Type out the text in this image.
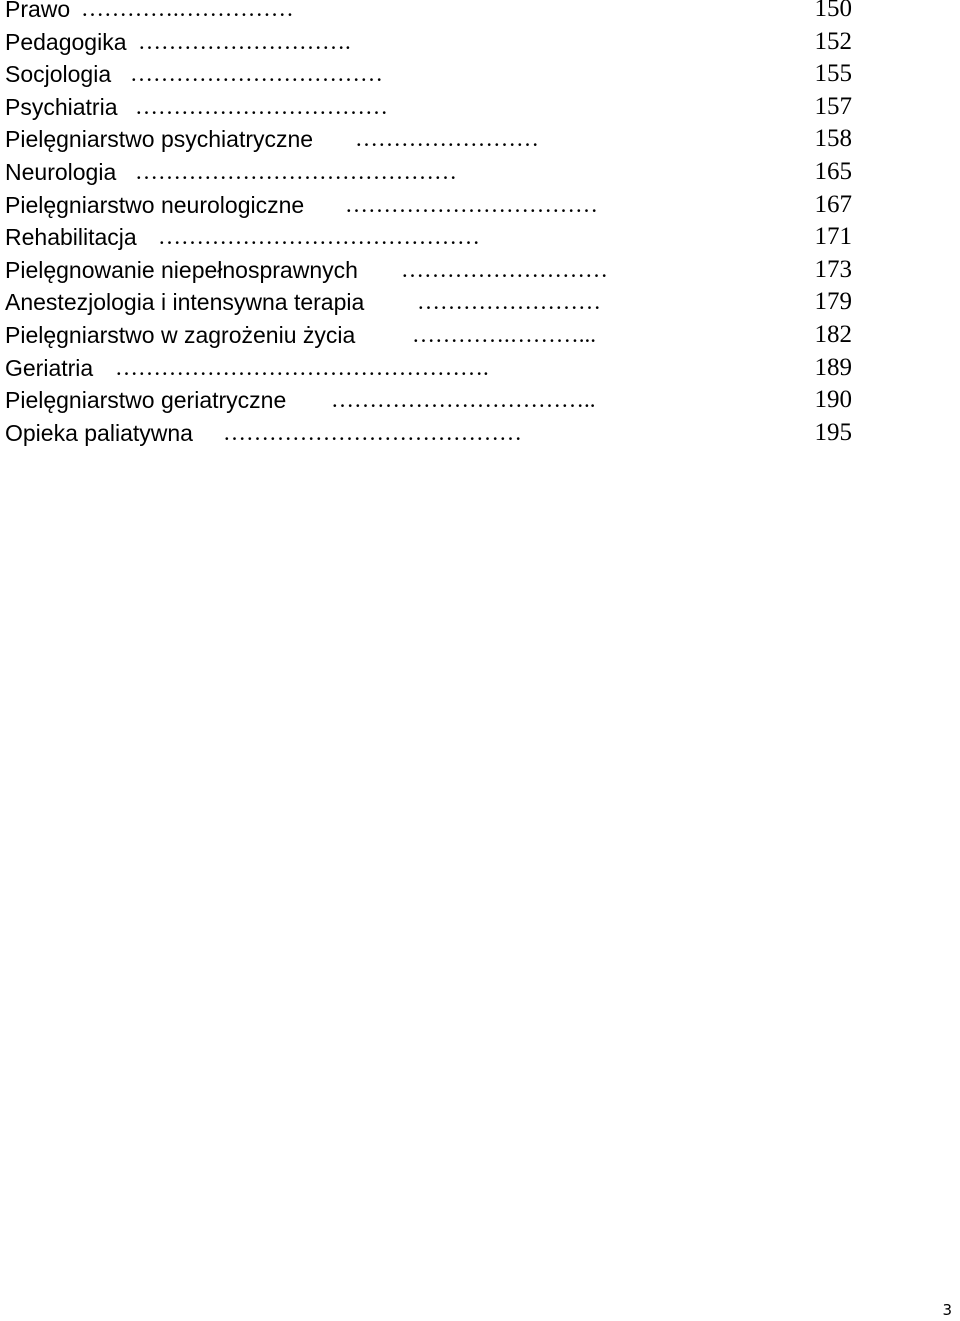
Prawo ………….……………	150
Pedagogika ……………………….	152
Socjologia ……………………………	155
Psychiatria ……………………………	157
Pielęgniarstwo psychiatryczne ……………………	158
Neurologia ……………………………………	165
Pielęgniarstwo neurologiczne ……………………………	167
Rehabilitacja ……………………………………	171
Pielęgnowanie niepełnosprawnych ………………………	173
Anestezjologia i intensywna terapia ……………………	179
Pielęgniarstwo w zagrożeniu życia ………….………...	182
Geriatria ………………………………………….	189
Pielęgniarstwo geriatryczne ……………………………..	190
Opieka paliatywna …………………………………	195
3
